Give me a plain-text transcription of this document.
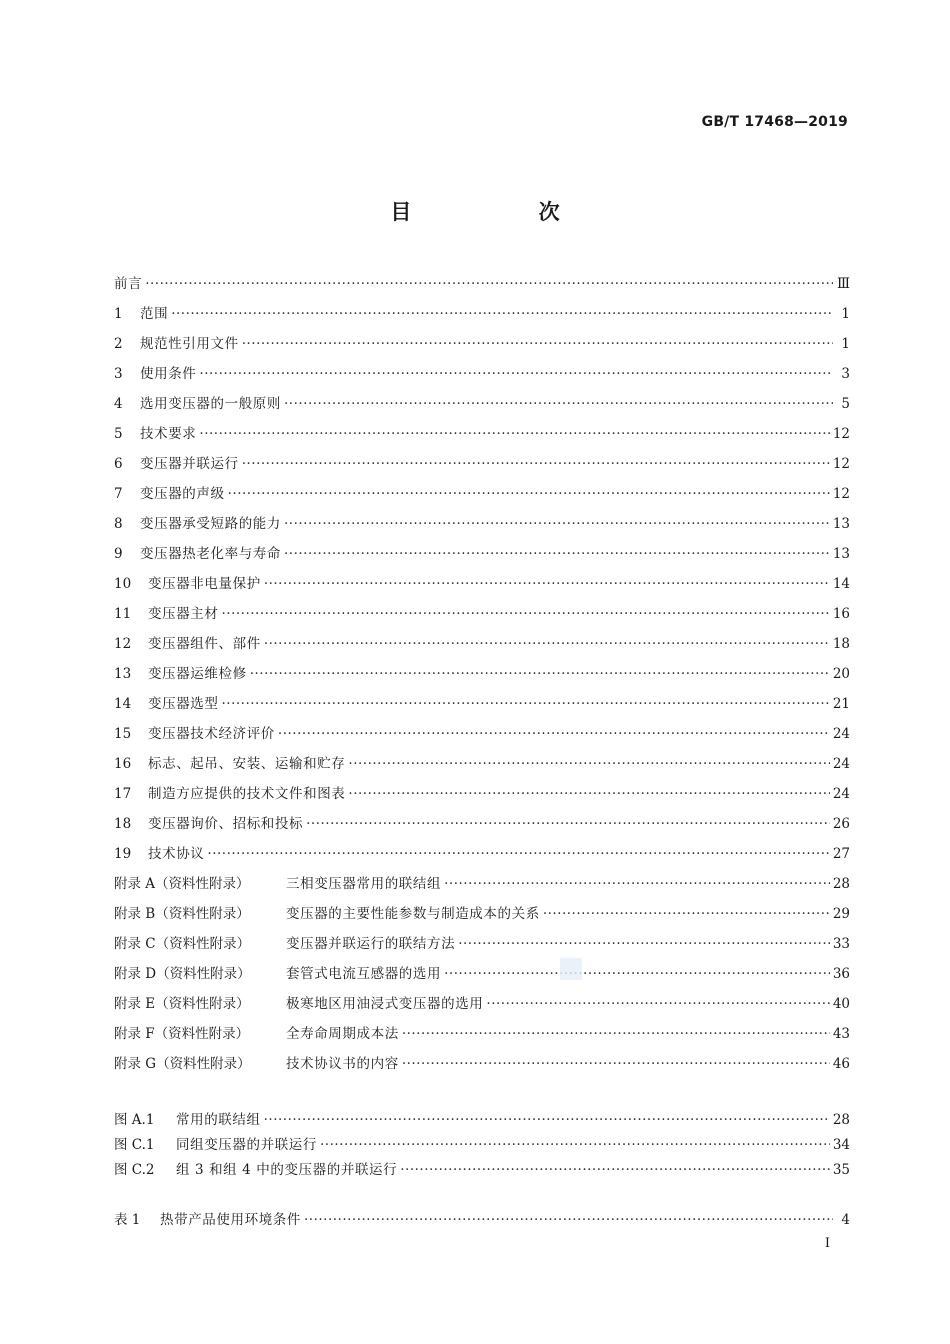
GB/T 17468—2019
目 次
前言 ·····	Ⅲ
1	范围 ·····	1
2	规范性引用文件 ·····	1
3	使用条件 ·····	3
4	选用变压器的一般原则 ·····	5
5	技术要求 ·····	12
6	变压器并联运行 ·····	12
7	变压器的声级 ·····	12
8	变压器承受短路的能力 ·····	13
9	变压器热老化率与寿命 ·····	13
10	变压器非电量保护 ·····	14
11	变压器主材 ·····	16
12	变压器组件、部件 ·····	18
13	变压器运维检修 ·····	20
14	变压器选型 ·····	21
15	变压器技术经济评价 ·····	24
16	标志、起吊、安装、运输和贮存 ·····	24
17	制造方应提供的技术文件和图表 ·····	24
18	变压器询价、招标和投标 ·····	26
19	技术协议 ·····	27
附录 A（资料性附录）	三相变压器常用的联结组 ·····	28
附录 B（资料性附录）	变压器的主要性能参数与制造成本的关系 ·····	29
附录 C（资料性附录）	变压器并联运行的联结方法 ·····	33
附录 D（资料性附录）	套管式电流互感器的选用 ·····	36
附录 E（资料性附录）	极寒地区用油浸式变压器的选用 ·····	40
附录 F（资料性附录）	全寿命周期成本法 ·····	43
附录 G（资料性附录）	技术协议书的内容 ·····	46
图 A.1	常用的联结组 ·····	28
图 C.1	同组变压器的并联运行 ·····	34
图 C.2	组 3 和组 4 中的变压器的并联运行 ·····	35
表 1	热带产品使用环境条件 ·····	4
Ⅰ
